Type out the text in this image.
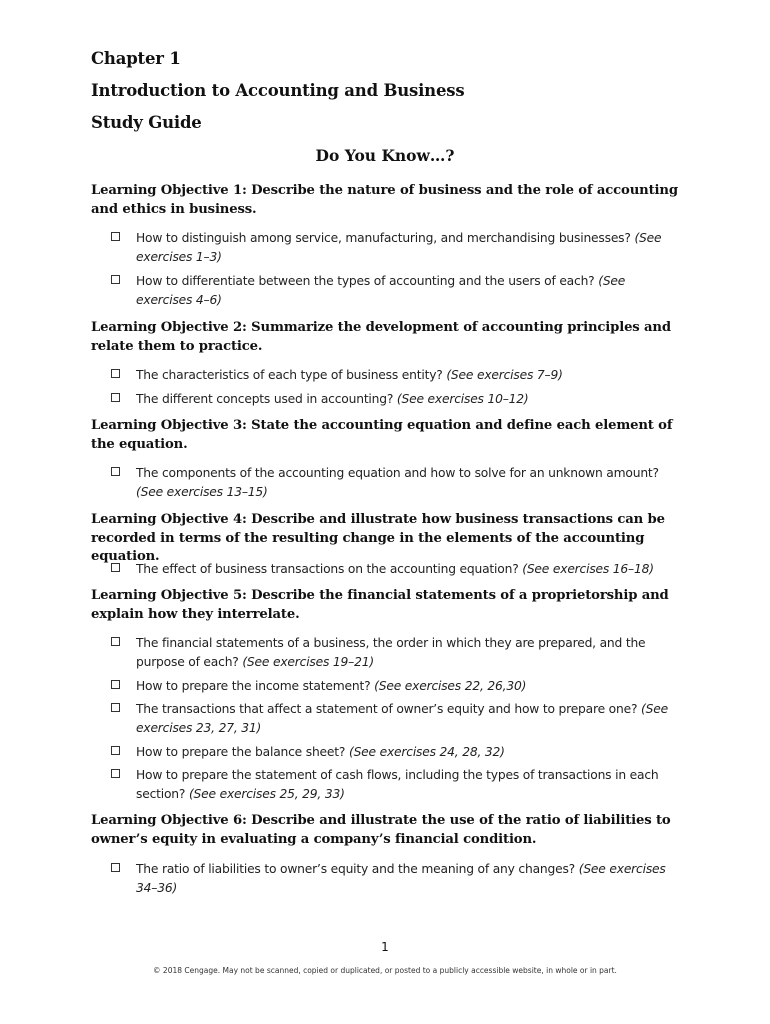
Chapter 1
Introduction to Accounting and Business
Study Guide
Do You Know…?
Learning Objective 1: Describe the nature of business and the role of accounting and ethics in business.
How to distinguish among service, manufacturing, and merchandising businesses? (See exercises 1–3)
How to differentiate between the types of accounting and the users of each? (See exercises 4–6)
Learning Objective 2: Summarize the development of accounting principles and relate them to practice.
The characteristics of each type of business entity? (See exercises 7–9)
The different concepts used in accounting? (See exercises 10–12)
Learning Objective 3: State the accounting equation and define each element of the equation.
The components of the accounting equation and how to solve for an unknown amount? (See exercises 13–15)
Learning Objective 4: Describe and illustrate how business transactions can be recorded in terms of the resulting change in the elements of the accounting equation.
The effect of business transactions on the accounting equation? (See exercises 16–18)
Learning Objective 5: Describe the financial statements of a proprietorship and explain how they interrelate.
The financial statements of a business, the order in which they are prepared, and the purpose of each? (See exercises 19–21)
How to prepare the income statement? (See exercises 22, 26,30)
The transactions that affect a statement of owner’s equity and how to prepare one? (See exercises 23, 27, 31)
How to prepare the balance sheet? (See exercises 24, 28, 32)
How to prepare the statement of cash flows, including the types of transactions in each section? (See exercises 25, 29, 33)
Learning Objective 6: Describe and illustrate the use of the ratio of liabilities to owner’s equity in evaluating a company’s financial condition.
The ratio of liabilities to owner’s equity and the meaning of any changes? (See exercises 34–36)
1
© 2018 Cengage. May not be scanned, copied or duplicated, or posted to a publicly accessible website, in whole or in part.
